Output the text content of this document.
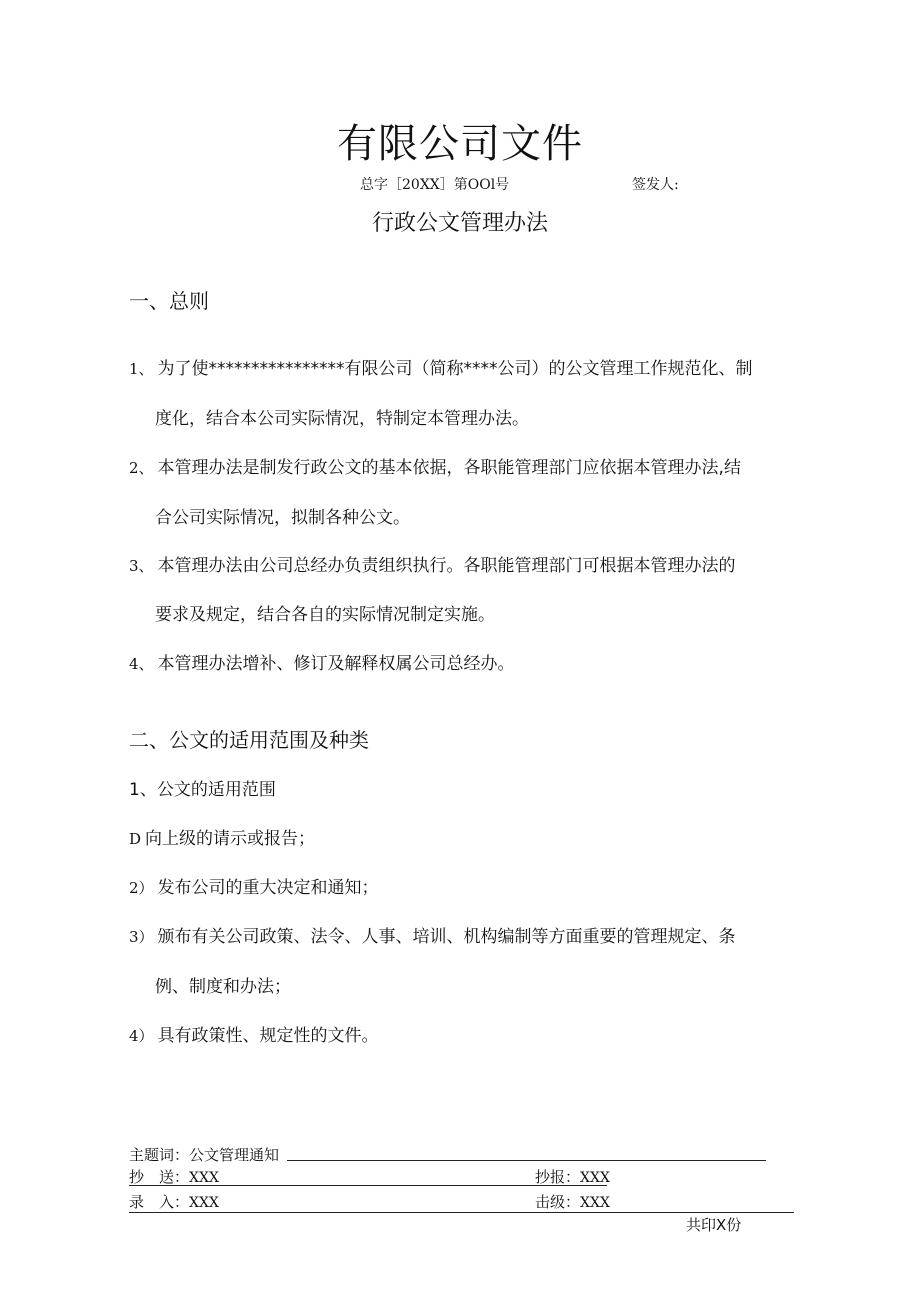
有限公司文件
总字［20XX］第OOl号	签发人:
行政公文管理办法
一、总则
1、 为了使****************有限公司（简称****公司）的公文管理工作规范化、制
度化，结合本公司实际情况，特制定本管理办法。
2、 本管理办法是制发行政公文的基本依据，各职能管理部门应依据本管理办法,结
合公司实际情况，拟制各种公文。
3、 本管理办法由公司总经办负责组织执行。各职能管理部门可根据本管理办法的
要求及规定，结合各自的实际情况制定实施。
4、 本管理办法增补、修订及解释权属公司总经办。
二、公文的适用范围及种类
1、公文的适用范围
D 向上级的请示或报告；
2） 发布公司的重大决定和通知；
3） 颁布有关公司政策、法令、人事、培训、机构编制等方面重要的管理规定、条
例、制度和办法；
4） 具有政策性、规定性的文件。
主题词：公文管理通知
抄　送：XXX	抄报：XXX
录　入：XXX	击级：XXX
共印X份
